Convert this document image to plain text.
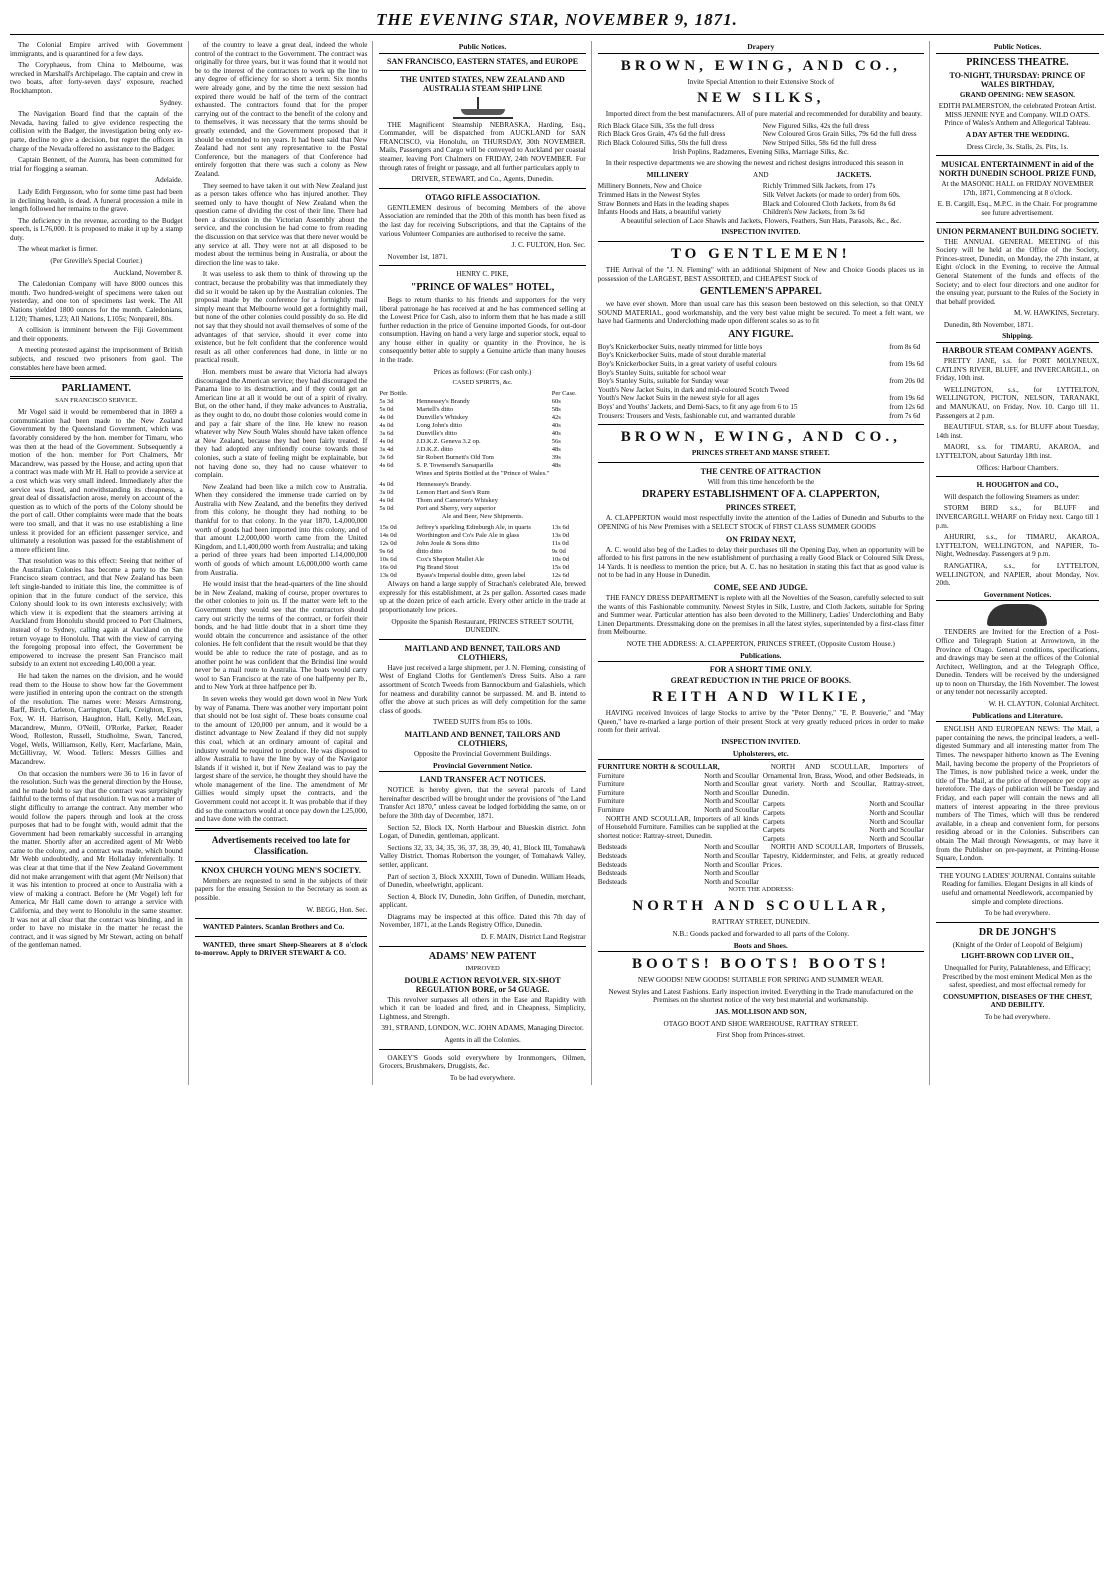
THE EVENING STAR, NOVEMBER 9, 1871.

The Colonial Empire arrived with Government immigrants, and is quarantined for a few days.

The Coryphaeus, from China to Melbourne, was wrecked in Marshall's Archipelago. The captain and crew in two boats, after forty-seven days' exposure, reached Rockhampton.

Sydney.

The Navigation Board find that the captain of the Nevada, having failed to give evidence respecting the collision with the Badger, the investigation being only ex-parte, decline to give a decision, but regret the officers in charge of the Nevada offered no assistance to the Badger.

Captain Bennett, of the Aurora, has been committed for trial for flogging a seaman.

Adelaide.

Lady Edith Fergusson, who for some time past had been in declining health, is dead. A funeral procession a mile in length followed her remains to the grave.

The deficiency in the revenue, according to the Budget speech, is L76,000. It is proposed to make it up by a stamp duty.

The wheat market is firmer.

(Per Greville's Special Courier.)

Auckland, November 8.

The Caledonian Company will have 8000 ounces this month. Two hundred-weight of specimens were taken out yesterday, and one ton of specimens last week. The All Nations yielded 1800 ounces for the month. Caledonians, L120; Thames, L23; All Nations, L105s; Nonpareil, 80s.

A collision is imminent between the Fiji Government and their opponents.

A meeting protested against the imprisonment of British subjects, and rescued two prisoners from gaol. The constables here have been armed.

PARLIAMENT.

SAN FRANCISCO SERVICE.

Mr Vogel said it would be remembered that in 1869 a communication had been made to the New Zealand Government by the Queensland Government, which was favorably considered by the hon. member for Timaru, who was then at the head of the Government. Subsequently a motion of the hon. member for Port Chalmers, Mr Macandrew, was passed by the House, and acting upon that a contract was made with Mr H. Hall to provide a service at a cost which was very small indeed. Immediately after the service was fixed, and notwithstanding its cheapness, a great deal of dissatisfaction arose, merely on account of the question as to which of the ports of the Colony should be the port of call. Other complaints were made that the boats were too small, and that it was no use establishing a line unless it provided for an efficient passenger service, and ultimately a resolution was passed for the establishment of a more efficient line.

That resolution was to this effect: Seeing that neither of the Australian Colonies has become a party to the San Francisco steam contract, and that New Zealand has been left single-handed to initiate this line, the committee is of opinion that in the future conduct of the service, this Colony should look to its own interests exclusively; with which view it is expedient that the steamers arriving at Auckland from Honolulu should proceed to Port Chalmers, instead of to Sydney, calling again at Auckland on the return voyage to Honolulu. That with the view of carrying the foregoing proposal into effect, the Government be empowered to increase the present San Francisco mail subsidy to an extent not exceeding L40,000 a year.

He had taken the names on the division, and he would read them to the House to show how far the Government were justified in entering upon the contract on the strength of the resolution. The names were: Messrs Armstrong, Barff, Birch, Carleton, Carrington, Clark, Creighton, Eyes, Fox, W. H. Harrison, Haughton, Hall, Kelly, McLean, Macandrew, Munro, O'Neill, O'Rorke, Parker, Reader Wood, Rolleston, Russell, Studholme, Swan, Tancred, Vogel, Wells, Williamson, Kelly, Kerr, Macfarlane, Main, McGillivray, W. Wood. Tellers: Messrs Gillies and Macandrew.

On that occasion the numbers were 36 to 16 in favor of the resolution. Such was the general direction by the House, and he made bold to say that the contract was surprisingly faithful to the terms of that resolution. It was not a matter of slight difficulty to arrange the contract. Any member who would follow the papers through and look at the cross purposes that had to be fought with, would admit that the Government had been remarkably successful in arranging the matter. Shortly after an accredited agent of Mr Webb came to the colony, and a contract was made, which bound Mr Webb undoubtedly, and Mr Holladay inferentially. It was clear at that time that if the New Zealand Government did not make arrangement with that agent (Mr Neilson) that it was his intention to proceed at once to Australia with a view of making a contract. Before he (Mr Vogel) left for America, Mr Hall came down to arrange a service with California, and they went to Honolulu in the same steamer. It was not at all clear that the contract was binding, and in order to have no mistake in the matter he recast the contract, and it was signed by Mr Stewart, acting on behalf of the gentleman named.

of the country to leave a great deal, indeed the whole control of the contract to the Government. The contract was originally for three years, but it was found that it would not be to the interest of the contractors to work up the line to any degree of efficiency for so short a term. Six months were already gone, and by the time the next session had expired there would be half of the term of the contract exhausted. The contractors found that for the proper carrying out of the contract to the benefit of the colony and to themselves, it was necessary that the terms should be greatly extended, and the Government proposed that it should be extended to ten years. It had been said that New Zealand had not sent any representative to the Postal Conference, but the managers of that Conference had entirely forgotten that there was such a colony as New Zealand.

They seemed to have taken it out with New Zealand just as a person takes offence who has injured another. They seemed only to have thought of New Zealand when the question came of dividing the cost of their line. There had been a discussion in the Victorian Assembly about the service, and the conclusion he had come to from reading the discussion on that service was that there never would be any service at all. They were not at all disposed to be modest about the terminus being in Australia, or about the direction the line was to take.

It was useless to ask them to think of throwing up the contract, because the probability was that immediately they did so it would be taken up by the Australian colonies. The proposal made by the conference for a fortnightly mail simply meant that Melbourne would get a fortnightly mail, but none of the other colonies could possibly do so. He did not say that they should not avail themselves of some of the advantages of that service, should it ever come into existence, but he felt confident that the conference would result as all other conferences had done, in little or no practical result.

Hon. members must be aware that Victoria had always discouraged the American service; they had discouraged the Panama line to its destruction, and if they could get an American line at all it would be out of a spirit of rivalry. But, on the other hand, if they make advances to Australia, as they ought to do, no doubt those colonies would come in and pay a fair share of the line. He knew no reason whatever why New South Wales should have taken offence at New Zealand, because they had been fairly treated. If they had adopted any unfriendly course towards those colonies, such a state of feeling might be explainable, but not having done so, they had no cause whatever to complain.

New Zealand had been like a milch cow to Australia. When they considered the immense trade carried on by Australia with New Zealand, and the benefits they derived from this colony, he thought they had nothing to be thankful for to that colony. In the year 1870, L4,000,000 worth of goods had been imported into this colony, and of that amount L2,000,000 worth came from the United Kingdom, and L1,400,000 worth from Australia; and taking a period of three years had been imported L14,000,000 worth of goods of which amount L6,000,000 worth came from Australia.

He would insist that the head-quarters of the line should be in New Zealand, making of course, proper overtures to the other colonies to join us. If the matter were left to the Government they would see that the contractors should carry out strictly the terms of the contract, or forfeit their bonds, and he had little doubt that in a short time they would obtain the concurrence and assistance of the other colonies. He felt confident that the result would be that they would be able to reduce the rate of postage, and as to another point he was confident that the Brindisi line would never be a mail route to Australia. The boats would carry wool to San Francisco at the rate of one halfpenny per lb., and to New York at three halfpence per lb.

In seven weeks they would get down wool in New York by way of Panama. There was another very important point that should not be lost sight of. These boats consume coal to the amount of 120,000 per annum, and it would be a distinct advantage to New Zealand if they did not supply this coal, which at an ordinary amount of capital and industry would be required to produce. He was disposed to allow Australia to have the line by way of the Navigator Islands if it wished it, but if New Zealand was to pay the largest share of the service, he thought they should have the whole management of the line. The amendment of Mr Gillies would simply upset the contracts, and the Government could not accept it. It was probable that if they did so the contractors would at once pay down the L25,000, and have done with the contract.

Advertisements received too late for Classification.
KNOX CHURCH YOUNG MEN'S SOCIETY.

Members are requested to send in the subjects of their papers for the ensuing Session to the Secretary as soon as possible.

W. BEGG, Hon. Sec.

WANTED Painters. Scanlan Brothers and Co.

WANTED, three smart Sheep-Shearers at 8 o'clock to-morrow. Apply to DRIVER STEWART & CO.

Public Notices.
SAN FRANCISCO, EASTERN STATES, and EUROPE
THE UNITED STATES, NEW ZEALAND AND AUSTRALIA STEAM SHIP LINE

THE Magnificent Steamship NEBRASKA, Harding, Esq., Commander, will be dispatched from AUCKLAND for SAN FRANCISCO, via Honolulu, on THURSDAY, 30th NOVEMBER. Mails, Passengers and Cargo will be conveyed to Auckland per coastal steamer, leaving Port Chalmers on FRIDAY, 24th NOVEMBER. For through rates of freight or passage, and all further particulars apply to

DRIVER, STEWART, and Co., Agents, Dunedin.

OTAGO RIFLE ASSOCIATION.

GENTLEMEN desirous of becoming Members of the above Association are reminded that the 20th of this month has been fixed as the last day for receiving Subscriptions, and that the Captains of the various Volunteer Companies are authorised to receive the same.

J. C. FULTON, Hon. Sec.

November 1st, 1871.

HENRY C. PIKE,
"PRINCE OF WALES" HOTEL,

Begs to return thanks to his friends and supporters for the very liberal patronage he has received at and he has commenced selling at the Lowest Price for Cash, also to inform them that he has made a still further reduction in the price of Genuine imported Goods, for out-door consumption. Having on hand a very large and superior stock, equal to any house either in quality or quantity in the Province, he is consequently better able to supply a Genuine article than many houses in the trade.

Prices as follows: (For cash only.)

CASED SPIRITS, &c.

Per Bottle.	Per Case.
5s 3d	Hennessey's Brandy	60s
5s 0d	Martell's ditto	58s
4s 0d	Dunville's Whiskey	42s
4s 0d	Long John's ditto	40s
3s 6d	Dunville's ditto	40s
4s 0d	J.D.K.Z. Geneva 3.2 op.	56s
3s 4d	J.D.K.Z. ditto	48s
3s 6d	Sir Robert Burnett's Old Tom	39s
4s 6d	S. P. Townsend's Sarsaparilla	48s

Wines and Spirits Bottled at the "Prince of Wales."

4s 0d	Hennessey's Brandy.
3s 0d	Lemon Hart and Son's Rum
4s 0d	Thom and Cameron's Whiskey
5s 0d	Port and Sherry, very superior

Ale and Beer, New Shipments.

15s 0d	Jeffrey's sparkling Edinburgh Ale, in quarts	13s 6d
14s 0d	Worthington and Co's Pale Ale in glass	13s 0d
12s 0d	John Joule & Sons ditto	11s 0d
9s 6d	ditto ditto	9s 0d
10s 6d	Cox's Shepton Mallet Ale	10s 0d
16s 0d	Pig Brand Stout	15s 0d
13s 0d	Byass's Imperial double ditto, green label	12s 6d

Always on hand a large supply of Strachan's celebrated Ale, brewed expressly for this establishment, at 2s per gallon. Assorted cases made up at the dozen price of each article. Every other article in the trade at proportionately low prices.

Opposite the Spanish Restaurant, PRINCES STREET SOUTH, DUNEDIN.

MAITLAND AND BENNET, TAILORS AND CLOTHIERS,

Have just received a large shipment, per J. N. Fleming, consisting of West of England Cloths for Gentlemen's Dress Suits. Also a rare assortment of Scotch Tweeds from Bannockburn and Galashiels, which for neatness and durability cannot be surpassed. M. and B. intend to offer the above at such prices as will defy competition for the same class of goods.

TWEED SUITS from 85s to 100s.

MAITLAND AND BENNET, TAILORS AND CLOTHIERS,

Opposite the Provincial Government Buildings.

Provincial Government Notice.
LAND TRANSFER ACT NOTICES.

NOTICE is hereby given, that the several parcels of Land hereinafter described will be brought under the provisions of "the Land Transfer Act 1870," unless caveat be lodged forbidding the same, on or before the 30th day of December, 1871.

Section 52, Block IX, North Harbour and Blueskin district. John Logan, of Dunedin, gentleman, applicant.

Sections 32, 33, 34, 35, 36, 37, 38, 39, 40, 41, Block III, Tomahawk Valley District. Thomas Robertson the younger, of Tomahawk Valley, settler, applicant.

Part of section 3, Block XXXIII, Town of Dunedin. William Heads, of Dunedin, wheelwright, applicant.

Section 4, Block IV, Dunedin, John Griffen, of Dunedin, merchant, applicant.

Diagrams may be inspected at this office. Dated this 7th day of November, 1871, at the Lands Registry Office, Dunedin.

D. F. MAIN, District Land Registrar

ADAMS' NEW PATENT

IMPROVED

DOUBLE ACTION REVOLVER. SIX-SHOT REGULATION BORE, or 54 GUAGE.

This revolver surpasses all others in the Ease and Rapidity with which it can be loaded and fired, and in Cheapness, Simplicity, Lightness, and Strength.

391, STRAND, LONDON, W.C. JOHN ADAMS, Managing Director.

Agents in all the Colonies.

OAKEY'S Goods sold everywhere by Ironmongers, Oilmen, Grocers, Brushmakers, Druggists, &c.

To be had everywhere.

Drapery
BROWN, EWING, AND CO.,

Invite Special Attention to their Extensive Stock of

NEW SILKS,

Imported direct from the best manufacturers. All of pure material and recommended for durability and beauty.

Rich Black Glace Silk, 35s the full dress	New Figured Silks, 42s the full dress
Rich Black Gros Grain, 47s 6d the full dress	New Coloured Gros Grain Silks, 79s 6d the full dress
Rich Black Coloured Silks, 50s the full dress	New Striped Silks, 58s 6d the full dress

Irish Poplins, Radzmeres, Evening Silks, Marriage Silks, &c.

In their respective departments we are showing the newest and richest designs introduced this season in

MILLINERY	AND	JACKETS.
Millinery Bonnets, New and Choice	Richly Trimmed Silk Jackets, from 17s
Trimmed Hats in the Newest Styles	Silk Velvet Jackets (or made to order) from 60s.
Straw Bonnets and Hats in the leading shapes	Black and Coloured Cloth Jackets, from 8s 6d
Infants Hoods and Hats, a beautiful variety	Children's New Jackets, from 3s 6d

A beautiful selection of Lace Shawls and Jackets, Flowers, Feathers, Sun Hats, Parasols, &c., &c.

INSPECTION INVITED.

TO GENTLEMEN!

THE Arrival of the "J. N. Fleming" with an additional Shipment of New and Choice Goods places us in possession of the LARGEST, BEST ASSORTED, and CHEAPEST Stock of

GENTLEMEN'S APPAREL

we have ever shown. More than usual care has this season been bestowed on this selection, so that ONLY SOUND MATERIAL, good workmanship, and the very best value might be secured. To meet a felt want, we have had Garments and Underclothing made upon different scales so as to fit

ANY FIGURE.
Boy's Knickerbocker Suits, neatly trimmed for little boys	from 8s 6d
Boy's Knickerbocker Suits, made of stout durable material
Boy's Knickerbocker Suits, in a great variety of useful colours	from 19s 6d
Boy's Stanley Suits, suitable for school wear
Boy's Stanley Suits, suitable for Sunday wear	from 20s 0d
Youth's New Jacket Suits, in dark and mid-coloured Scotch Tweed
Youth's New Jacket Suits in the newest style for all ages	from 19s 6d
Boys' and Youths' Jackets, and Demi-Sacs, to fit any age from 6 to 15	from 12s 6d
Trousers: Trousers and Vests, fashionable cut, and warranted durable	from 7s 6d
BROWN, EWING, AND CO.,

PRINCES STREET AND MANSE STREET.

THE CENTRE OF ATTRACTION

Will from this time henceforth be the

DRAPERY ESTABLISHMENT OF A. CLAPPERTON,
PRINCES STREET,

A. CLAPPERTON would most respectfully invite the attention of the Ladies of Dunedin and Suburbs to the OPENING of his New Premises with a SELECT STOCK of FIRST CLASS SUMMER GOODS

ON FRIDAY NEXT,

A. C. would also beg of the Ladies to delay their purchases till the Opening Day, when an opportunity will be afforded to his first patrons in the new establishment of purchasing a really Good Black or Coloured Silk Dress, 14 Yards. It is needless to mention the price, but A. C. has no hesitation in stating this fact that as good value is not to be had in any House in Dunedin.

COME, SEE AND JUDGE.

THE FANCY DRESS DEPARTMENT is replete with all the Novelties of the Season, carefully selected to suit the wants of this Fashionable community. Newest Styles in Silk, Lustre, and Cloth Jackets, suitable for Spring and Summer wear. Particular attention has also been devoted to the Millinery, Ladies' Underclothing and Baby Linen Departments. Dressmaking done on the premises in all the latest styles, superintended by a first-class fitter from Melbourne.

NOTE THE ADDRESS: A. CLAPPERTON, PRINCES STREET, (Opposite Custom House.)

Publications.
FOR A SHORT TIME ONLY.
GREAT REDUCTION IN THE PRICE OF BOOKS.
REITH AND WILKIE,

HAVING received Invoices of large Stocks to arrive by the "Peter Denny," "E. P. Bouverie," and "May Queen," have re-marked a large portion of their present Stock at very greatly reduced prices in order to make room for their arrival.

INSPECTION INVITED.

Upholsterers, etc.
FURNITURE NORTH & SCOULLAR,
Furniture	North and Scoullar
Furniture	North and Scoullar
Furniture	North and Scoullar
Furniture	North and Scoullar
Furniture	North and Scoullar

NORTH AND SCOULLAR, Importers of all kinds of Household Furniture. Families can be supplied at the shortest notice: Rattray-street, Dunedin.

Bedsteads	North and Scoullar
Bedsteads	North and Scoullar
Bedsteads	North and Scoullar
Bedsteads	North and Scoullar
Bedsteads	North and Scoullar

NORTH AND SCOULLAR, Importers of Ornamental Iron, Brass, Wood, and other Bedsteads, in great variety. North and Scoullar, Rattray-street, Dunedin.

Carpets	North and Scoullar
Carpets	North and Scoullar
Carpets	North and Scoullar
Carpets	North and Scoullar
Carpets	North and Scoullar

NORTH AND SCOULLAR, Importers of Brussels, Tapestry, Kidderminster, and Felts, at greatly reduced Prices.

NOTE THE ADDRESS:

NORTH AND SCOULLAR,

RATTRAY STREET, DUNEDIN.

N.B.: Goods packed and forwarded to all parts of the Colony.

Boots and Shoes.
BOOTS! BOOTS! BOOTS!

NEW GOODS! NEW GOODS! SUITABLE FOR SPRING AND SUMMER WEAR.

Newest Styles and Latest Fashions. Early inspection invited. Everything in the Trade manufactured on the Premises on the shortest notice of the very best material and workmanship.

JAS. MOLLISON AND SON,

OTAGO BOOT AND SHOE WAREHOUSE, RATTRAY STREET.

First Shop from Princes-street.

Public Notices.
PRINCESS THEATRE.
TO-NIGHT, THURSDAY: PRINCE OF WALES BIRTHDAY,

GRAND OPENING: NEW SEASON.

EDITH PALMERSTON, the celebrated Protean Artist. MISS JENNIE NYE and Company. WILD OATS. Prince of Wales's Anthem and Allegorical Tableau.

A DAY AFTER THE WEDDING.

Dress Circle, 3s. Stalls, 2s. Pits, 1s.

MUSICAL ENTERTAINMENT in aid of the NORTH DUNEDIN SCHOOL PRIZE FUND,

At the MASONIC HALL on FRIDAY NOVEMBER 17th, 1871, Commencing at 8 o'clock.

E. B. Cargill, Esq., M.P.C. in the Chair. For programme see future advertisement.

UNION PERMANENT BUILDING SOCIETY.

THE ANNUAL GENERAL MEETING of this Society will be held at the Office of the Society, Princes-street, Dunedin, on Monday, the 27th instant, at Eight o'clock in the Evening, to receive the Annual General Statement of the funds and effects of the Society; and to elect four directors and one auditor for the ensuing year, pursuant to the Rules of the Society in that behalf provided.

M. W. HAWKINS, Secretary.

Dunedin, 8th November, 1871.

Shipping.
HARBOUR STEAM COMPANY AGENTS.

PRETTY JANE, s.s. for PORT MOLYNEUX, CATLIN'S RIVER, BLUFF, and INVERCARGILL, on Friday, 10th inst.

WELLINGTON, s.s., for LYTTELTON, WELLINGTON, PICTON, NELSON, TARANAKI, and MANUKAU, on Friday, Nov. 10. Cargo till 11. Passengers at 2 p.m.

BEAUTIFUL STAR, s.s. for BLUFF about Tuesday, 14th inst.

MAORI, s.s. for TIMARU, AKAROA, and LYTTELTON, about Saturday 18th inst.

Offices: Harbour Chambers.

H. HOUGHTON and CO.,

Will despatch the following Steamers as under:

STORM BIRD s.s., for BLUFF and INVERCARGILL WHARF on Friday next. Cargo till 1 p.m.

AHURIRI, s.s., for TIMARU, AKAROA, LYTTELTON, WELLINGTON, and NAPIER, To-Night, Wednesday. Passengers at 9 p.m.

RANGATIRA, s.s., for LYTTELTON, WELLINGTON, and NAPIER, about Monday, Nov. 20th.

Government Notices.

TENDERS are Invited for the Erection of a Post-Office and Telegraph Station at Arrowtown, in the Province of Otago. General conditions, specifications, and drawings may be seen at the offices of the Colonial Architect, Wellington, and at the Telegraph Office, Dunedin. Tenders will be received by the undersigned up to noon on Thursday, the 16th November. The lowest or any tender not necessarily accepted.

W. H. CLAYTON, Colonial Architect.

Publications and Literature.

ENGLISH AND EUROPEAN NEWS: The Mail, a paper containing the news, the principal leaders, a well-digested Summary and all interesting matter from The Times. The newspaper hitherto known as The Evening Mail, having become the property of the Proprietors of The Times, is now published twice a week, under the title of The Mail, at the price of threepence per copy as heretofore. The days of publication will be Tuesday and Friday, and each paper will contain the news and all matters of interest appearing in the three previous numbers of The Times, which will thus be rendered available, in a cheap and convenient form, for persons residing abroad or in the Colonies. Subscribers can obtain The Mail through Newsagents, or may have it from the Publisher on pre-payment, at Printing-House Square, London.

THE YOUNG LADIES' JOURNAL Contains suitable Reading for families. Elegant Designs in all kinds of useful and ornamental Needlework, accompanied by simple and complete directions.

To be had everywhere.

DR DE JONGH'S

(Knight of the Order of Leopold of Belgium)

LIGHT-BROWN COD LIVER OIL,

Unequalled for Purity, Palatableness, and Efficacy; Prescribed by the most eminent Medical Men as the safest, speediest, and most effectual remedy for

CONSUMPTION, DISEASES OF THE CHEST, AND DEBILITY.

To be had everywhere.
